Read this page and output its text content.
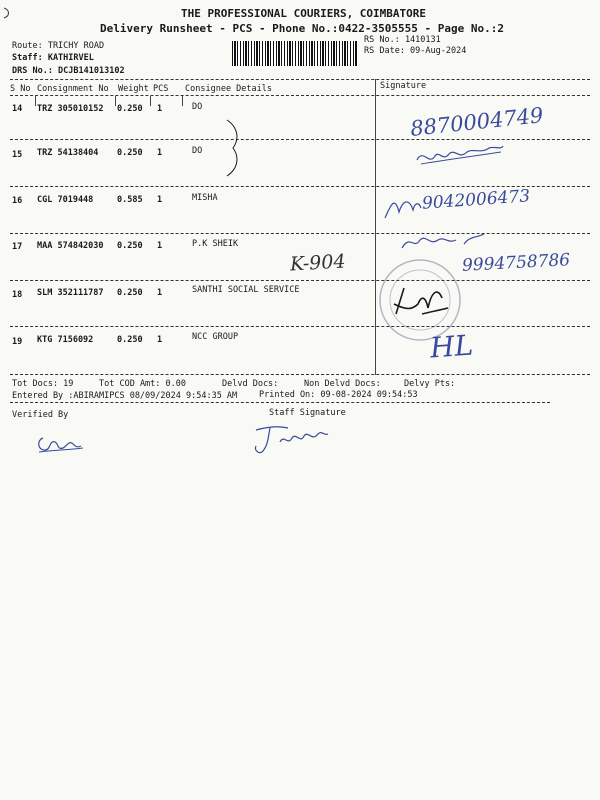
THE PROFESSIONAL COURIERS, COIMBATORE
Delivery Runsheet - PCS - Phone No.:0422-3505555 - Page No.:2
Route: TRICHY ROAD
Staff: KATHIRVEL
DRS No.: DCJB141013102
RS No.: 1410131
RS Date: 09-Aug-2024
S No Consignment No Weight PCS Consignee Details	Signature
14 TRZ 305010152 0.250 1	DO	8870004749
15 TRZ 54138404 0.250 1	DO
16 CGL 7019448	0.585 1	MISHA	9042006473
17 MAA 574842030 0.250 1	P.K SHEIK
K-904	9994758786
18 SLM 352111787 0.250 1	SANTHI SOCIAL SERVICE
19 KTG 7156092	0.250 1	NCC GROUP	HL
Tot Docs: 19	Tot COD Amt: 0.00	Delvd Docs:	Non Delvd Docs:	Delvy Pts:
Entered By :ABIRAMIPCS 08/09/2024 9:54:35 AM	Printed On: 09-08-2024 09:54:53
Verified By	Staff Signature
